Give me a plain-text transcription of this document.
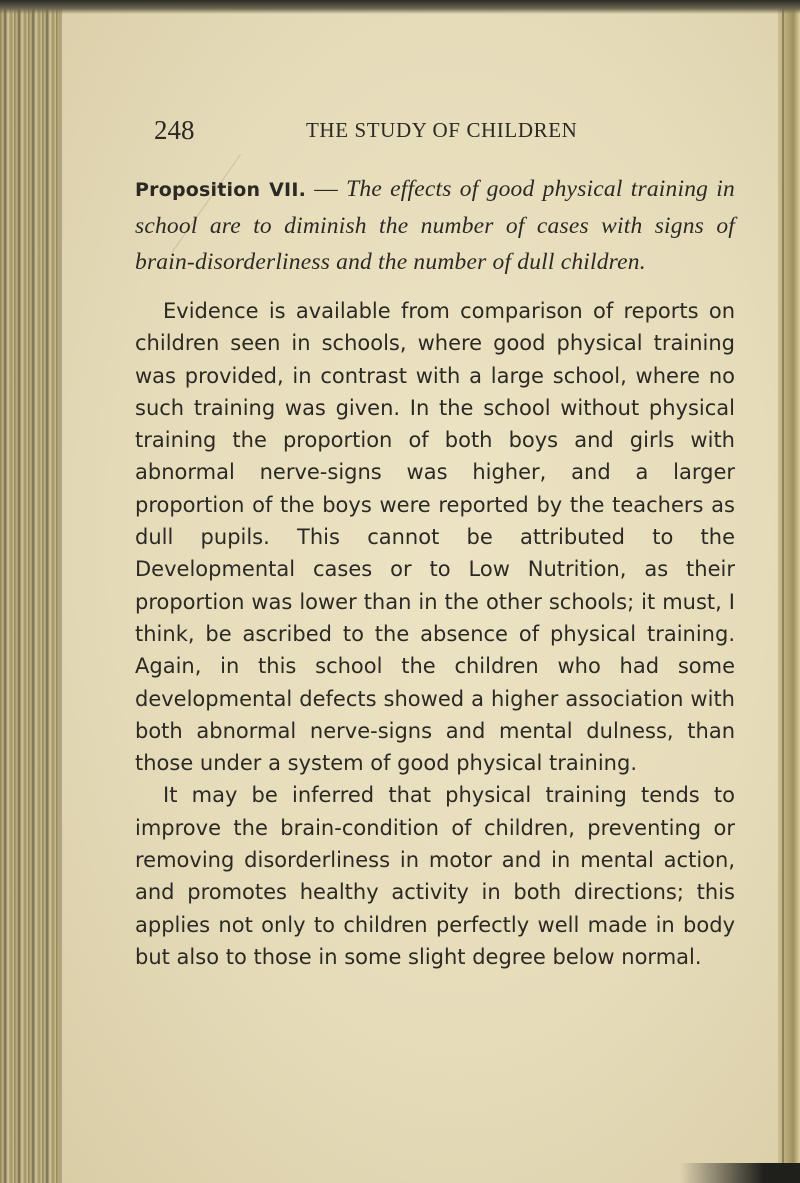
248	THE STUDY OF CHILDREN

Proposition VII. — The effects of good physical training in school are to diminish the number of cases with signs of brain-disorderliness and the number of dull children.

Evidence is available from comparison of reports on children seen in schools, where good physical training was provided, in contrast with a large school, where no such training was given. In the school without physical training the proportion of both boys and girls with abnormal nerve-signs was higher, and a larger proportion of the boys were reported by the teachers as dull pupils. This cannot be attributed to the Developmental cases or to Low Nutrition, as their proportion was lower than in the other schools; it must, I think, be ascribed to the absence of physical training. Again, in this school the children who had some developmental defects showed a higher association with both abnormal nerve-signs and mental dulness, than those under a system of good physical training.

It may be inferred that physical training tends to improve the brain-condition of children, preventing or removing disorderliness in motor and in mental action, and promotes healthy activity in both directions; this applies not only to children perfectly well made in body but also to those in some slight degree below normal.
